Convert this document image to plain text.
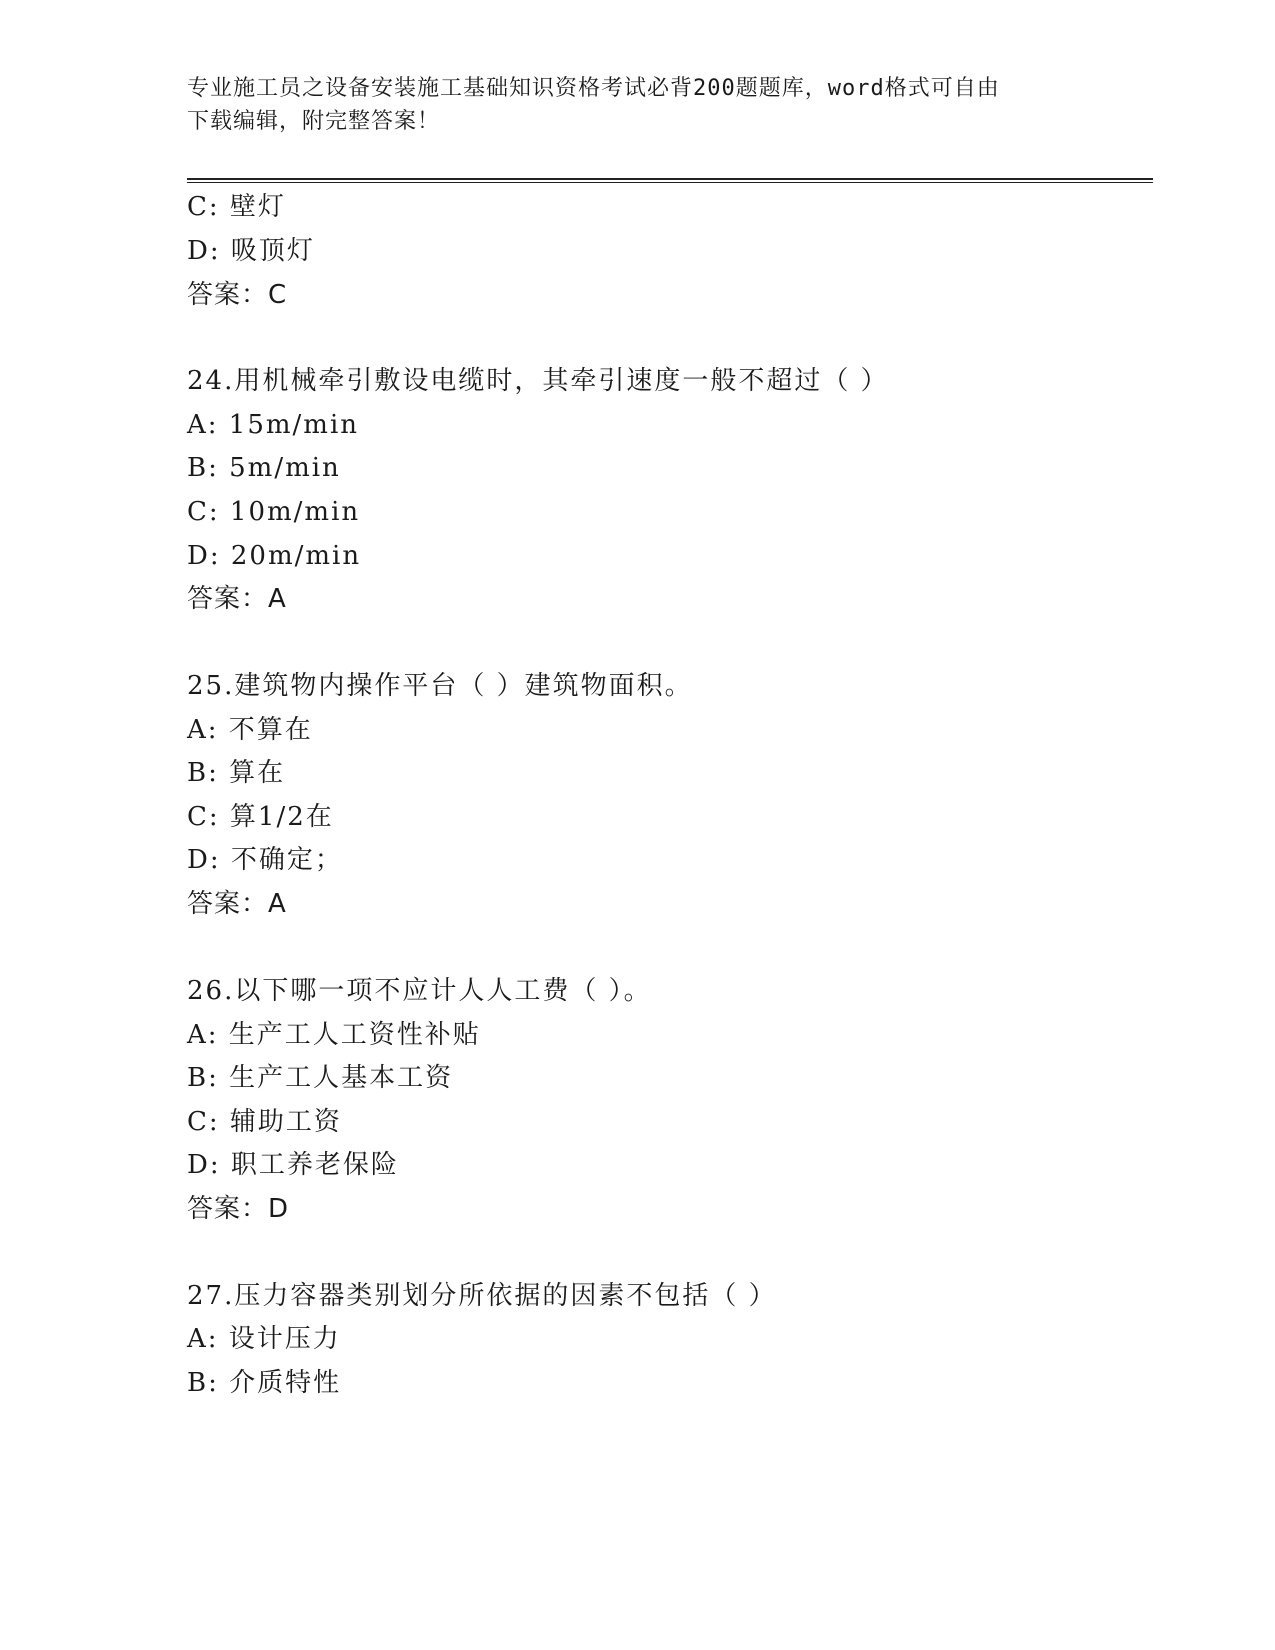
专业施工员之设备安装施工基础知识资格考试必背200题题库，word格式可自由
下载编辑，附完整答案！
C: 壁灯
D: 吸顶灯
答案：C
24.用机械牵引敷设电缆时，其牵引速度一般不超过（ ）
A: 15m/min
B: 5m/min
C: 10m/min
D: 20m/min
答案：A
25.建筑物内操作平台（ ）建筑物面积。
A: 不算在
B: 算在
C: 算1/2在
D: 不确定；
答案：A
26.以下哪一项不应计人人工费（ ）。
A: 生产工人工资性补贴
B: 生产工人基本工资
C: 辅助工资
D: 职工养老保险
答案：D
27.压力容器类别划分所依据的因素不包括（ ）
A: 设计压力
B: 介质特性
